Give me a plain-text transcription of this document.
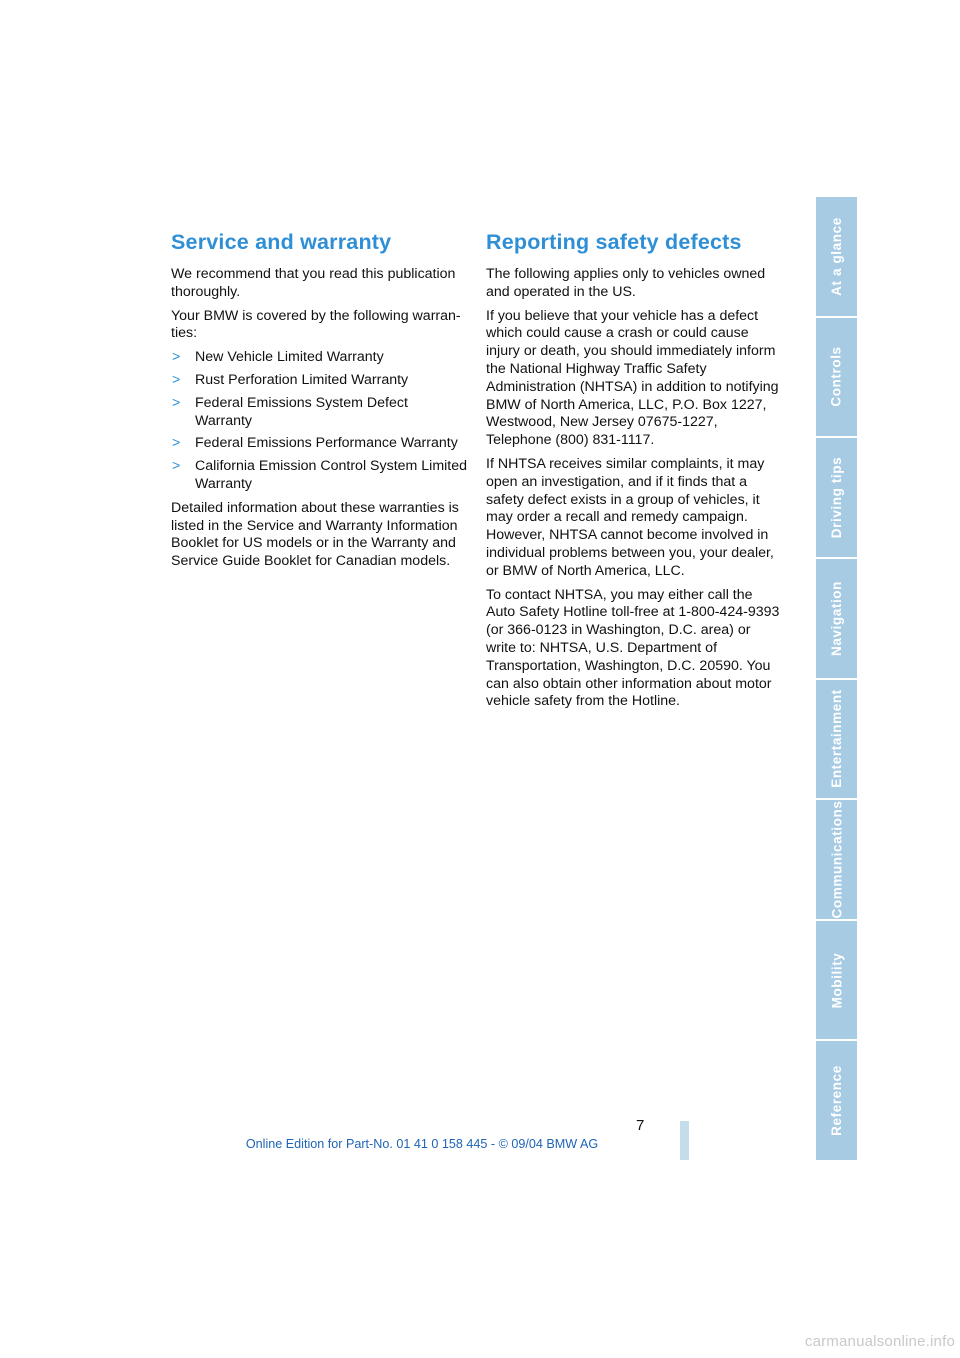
Service and warranty

We recommend that you read this publication thoroughly.

Your BMW is covered by the following warran-ties:

> New Vehicle Limited Warranty
> Rust Perforation Limited Warranty
> Federal Emissions System Defect Warranty
> Federal Emissions Performance Warranty
> California Emission Control System Limited Warranty

Detailed information about these warranties is listed in the Service and Warranty Information Booklet for US models or in the Warranty and Service Guide Booklet for Canadian models.

Reporting safety defects

The following applies only to vehicles owned and operated in the US.

If you believe that your vehicle has a defect which could cause a crash or could cause injury or death, you should immediately inform the National Highway Traffic Safety Administration (NHTSA) in addition to notifying BMW of North America, LLC, P.O. Box 1227, Westwood, New Jersey 07675-1227, Telephone (800) 831-1117.

If NHTSA receives similar complaints, it may open an investigation, and if it finds that a safety defect exists in a group of vehicles, it may order a recall and remedy campaign. However, NHTSA cannot become involved in individual problems between you, your dealer, or BMW of North America, LLC.

To contact NHTSA, you may either call the Auto Safety Hotline toll-free at 1-800-424-9393 (or 366-0123 in Washington, D.C. area) or write to: NHTSA, U.S. Department of Transportation, Washington, D.C. 20590. You can also obtain other information about motor vehicle safety from the Hotline.

At a glance
Controls
Driving tips
Navigation
Entertainment
Communications
Mobility
Reference
7
Online Edition for Part-No. 01 41 0 158 445 - © 09/04 BMW AG
carmanualsonline.info
